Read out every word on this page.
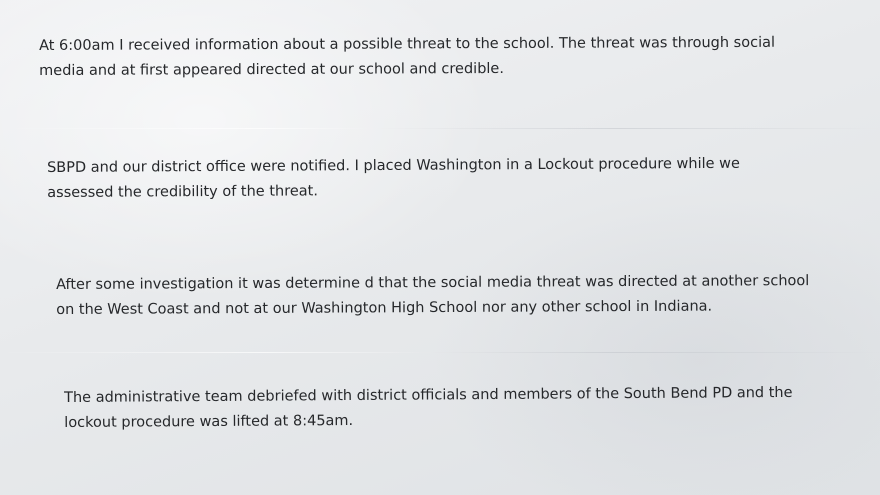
At 6:00am I received information about a possible threat to the school. The threat was through social
media and at first appeared directed at our school and credible.

SBPD and our district office were notified. I placed Washington in a Lockout procedure while we
assessed the credibility of the threat.

After some investigation it was determine d that the social media threat was directed at another school
on the West Coast and not at our Washington High School nor any other school in Indiana.

The administrative team debriefed with district officials and members of the South Bend PD and the
lockout procedure was lifted at 8:45am.
